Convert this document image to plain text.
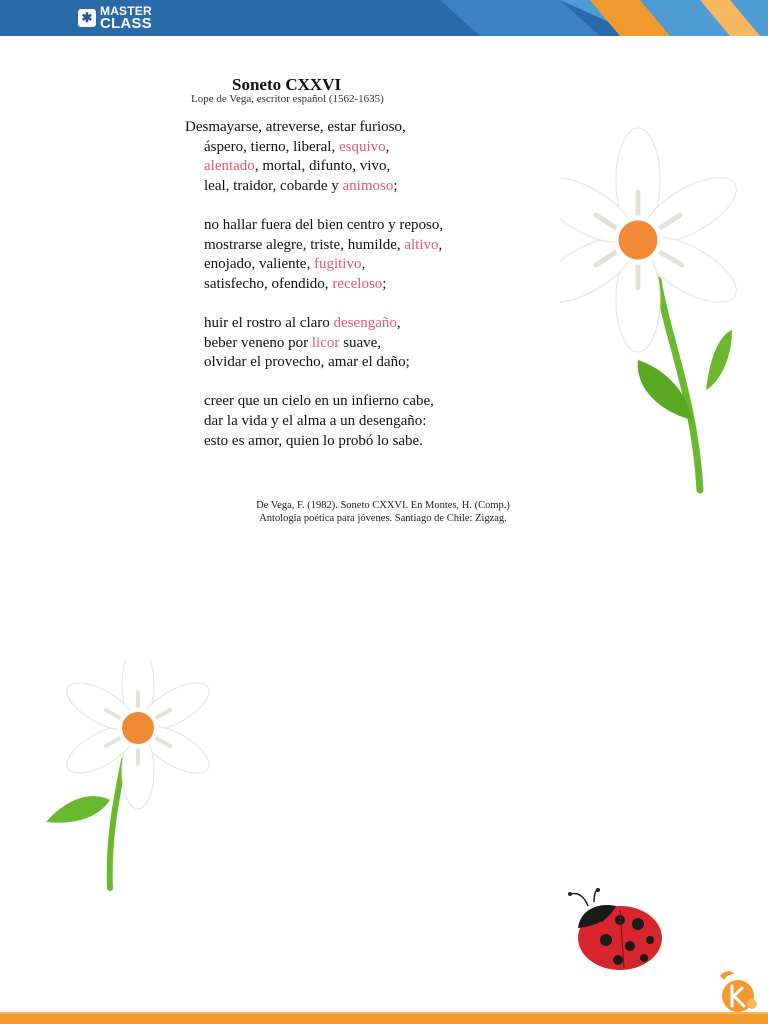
✱ MASTER
CLASS
Soneto CXXVI
Lope de Vega, escritor español (1562-1635)
Desmayarse, atreverse, estar furioso,
áspero, tierno, liberal, esquivo,
alentado, mortal, difunto, vivo,
leal, traidor, cobarde y animoso;
no hallar fuera del bien centro y reposo,
mostrarse alegre, triste, humilde, altivo,
enojado, valiente, fugitivo,
satisfecho, ofendido, receloso;
huir el rostro al claro desengaño,
beber veneno por licor suave,
olvidar el provecho, amar el daño;
creer que un cielo en un infierno cabe,
dar la vida y el alma a un desengaño:
esto es amor, quien lo probó lo sabe.
De Vega, F. (1982). Soneto CXXVI. En Montes, H. (Comp.)
Antología poética para jóvenes. Santiago de Chile: Zigzag.
